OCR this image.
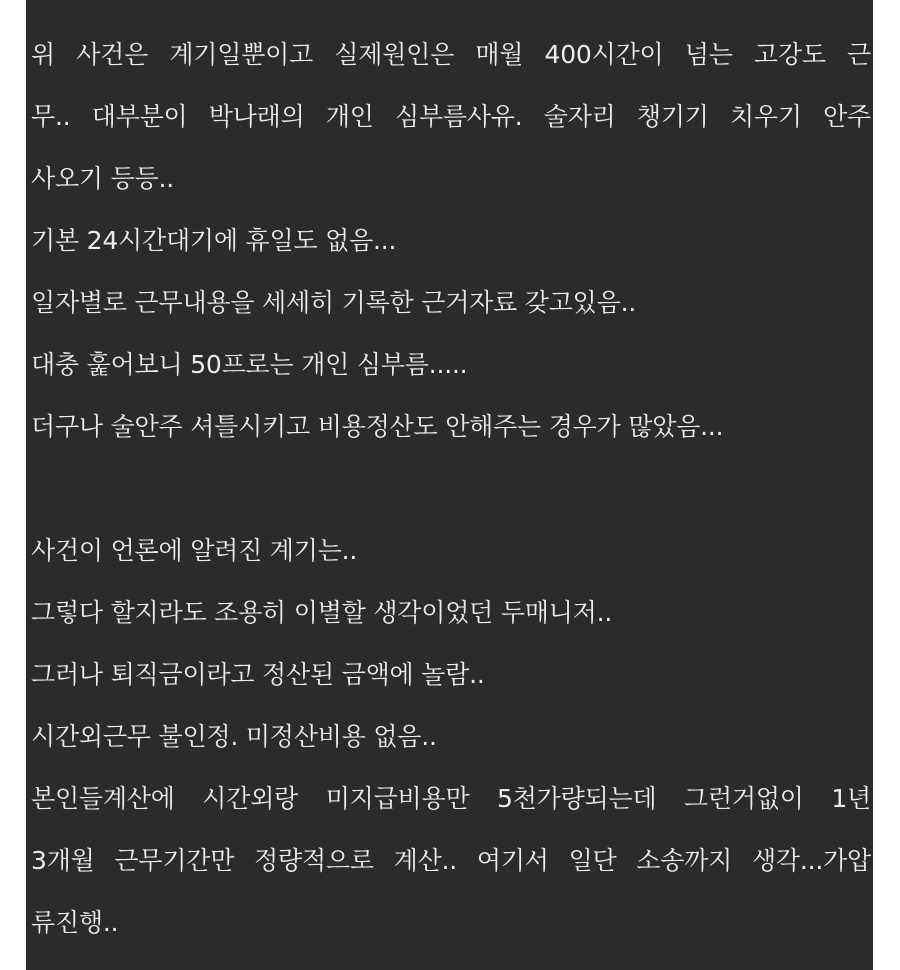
위 사건은 계기일뿐이고 실제원인은 매월 400시간이 넘는 고강도 근
무.. 대부분이 박나래의 개인 심부름사유. 술자리 챙기기 치우기 안주
사오기 등등..
기본 24시간대기에 휴일도 없음...
일자별로 근무내용을 세세히 기록한 근거자료 갖고있음..
대충 훑어보니 50프로는 개인 심부름.....
더구나 술안주 셔틀시키고 비용정산도 안해주는 경우가 많았음...
사건이 언론에 알려진 계기는..
그렇다 할지라도 조용히 이별할 생각이었던 두매니저..
그러나 퇴직금이라고 정산된 금액에 놀람..
시간외근무 불인정. 미정산비용 없음..
본인들계산에 시간외랑 미지급비용만 5천가량되는데 그런거없이 1년
3개월 근무기간만 정량적으로 계산.. 여기서 일단 소송까지 생각...가압
류진행..
